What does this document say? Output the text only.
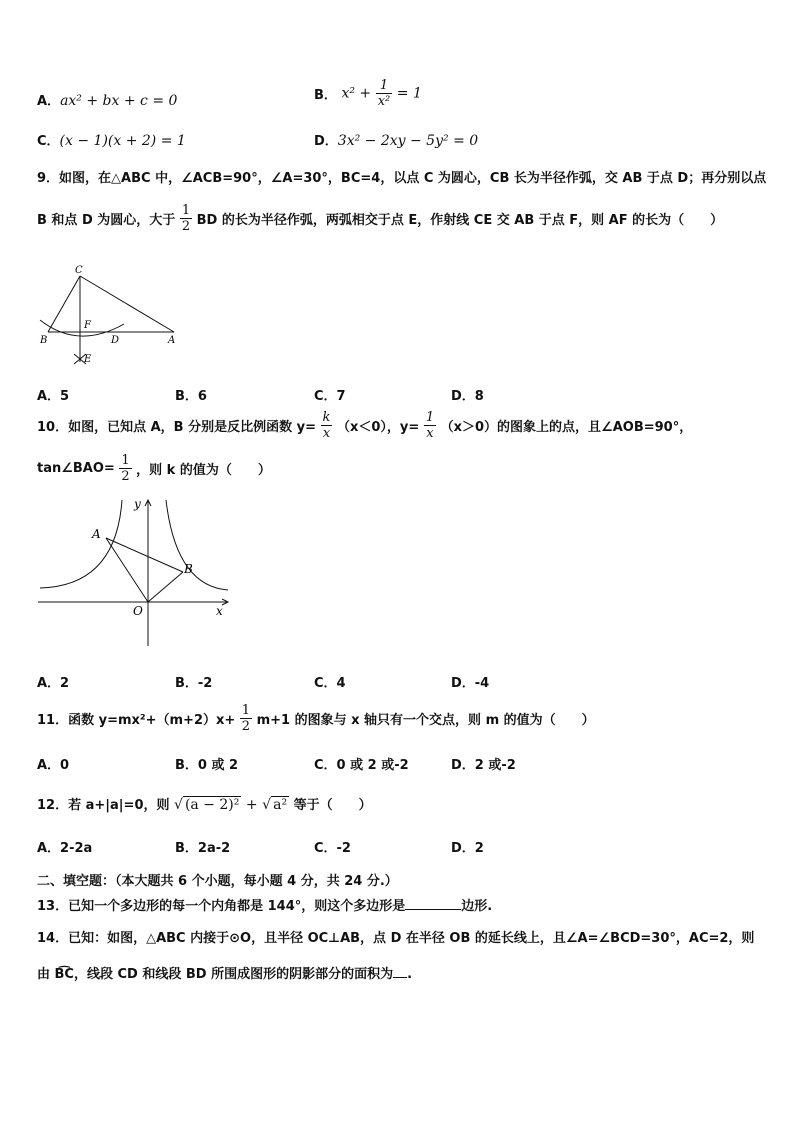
A．ax² + bx + c = 0	B． $x^2 + \frac{1}{\text{x²}} = 1$
C．(x − 1)(x + 2) = 1	D．3x² − 2xy − 5y² = 0
9．如图，在△ABC 中，∠ACB=90°，∠A=30°，BC=4，以点 C 为圆心，CB 长为半径作弧，交 AB 于点 D；再分别以点
B 和点 D 为圆心，大于 $\frac{1}{2}$ BD 的长为半径作弧，两弧相交于点 E，作射线 CE 交 AB 于点 F，则 AF 的长为（　　）
C
F
B	D	A
E
A．5	B．6	C．7	D．8
10．如图，已知点 A，B 分别是反比例函数 $y= \frac{k}{x} (x<0)$，$y= \frac{1}{x} (x>0)$的图象上的点，且∠AOB=90°，
tan∠BAO= $\frac{1}{2}$ ，则 k 的值为（　　）
y
x
A
B
O
A．2	B．-2	C．4	D．-4
11．函数 $y=mx^2+(m+2)x+ \frac{1}{2} m+1$ 的图象与 x 轴只有一个交点，则 m 的值为（　　）
A．0	B．0 或 2	C．0 或 2 或-2	D．2 或-2
12．若 a+|a|=0，则 √ (a − 2)² + √ a² 等于（　　）
A．2-2a	B．2a-2	C．-2	D．2
二、填空题：（本大题共 6 个小题，每小题 4 分，共 24 分.）
13．已知一个多边形的每一个内角都是 144°，则这个多边形是	边形.
14．已知：如图，△ABC 内接于⊙O，且半径 OC⊥AB，点 D 在半径 OB 的延长线上，且∠A=∠BCD=30°，AC=2，则
由 B͡C，线段 CD 和线段 BD 所围成图形的阴影部分的面积为 .
